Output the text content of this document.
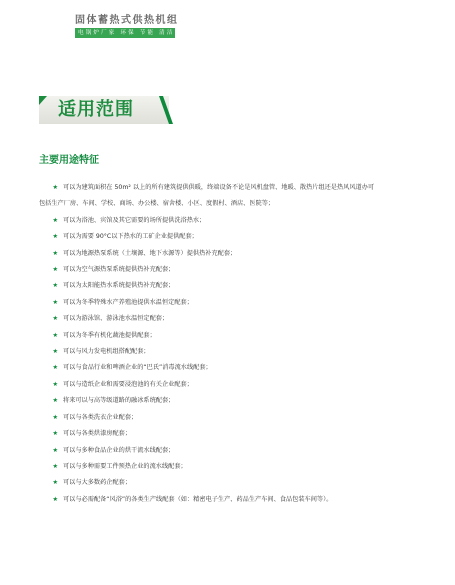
固体蓄热式供热机组
电锅炉厂家 环保 节能 清洁 供热
适用范围
主要用途特征
★ 可以为建筑面积在 50m² 以上的所有建筑提供供暖，终端设备不论是风机盘管、地暖、散热片组还是热风风道办可
包括生产厂房、车间、学校、商场、办公楼、宿舍楼、小区、度假村、酒店、医院等；
★ 可以为浴池、宾馆及其它需要的场所提供洗浴热水；
★ 可以为需要 90°C以下热水的工矿企业提供配套；
★ 可以为地源热泵系统（土壤源、地下水源等）提供热补充配套；
★ 可以为空气源热泵系统提供热补充配套；
★ 可以为太阳能热水系统提供热补充配套；
★ 可以为冬季特殊水产养殖池提供水温恒定配套；
★ 可以为游泳馆、游泳池水温恒定配套；
★ 可以为冬季有机化蔬池提供配套；
★ 可以与风力发电机组搭配配套；
★ 可以与食品行业和啤酒企业的“巴氏”消毒流水线配套；
★ 可以与造纸企业和需要浸泡池的有关企业配套；
★ 将来可以与高等级道路的融冰系统配套；
★ 可以与各类洗衣企业配套；
★ 可以与各类烘漆房配套；
★ 可以与多种食品企业的烘干流水线配套；
★ 可以与多种需要工件预热企业的流水线配套；
★ 可以与大多数药企配套；
★ 可以与必需配备“风浴”的各类生产线配套（如：精密电子生产、药品生产车间、食品包装车间等）。
